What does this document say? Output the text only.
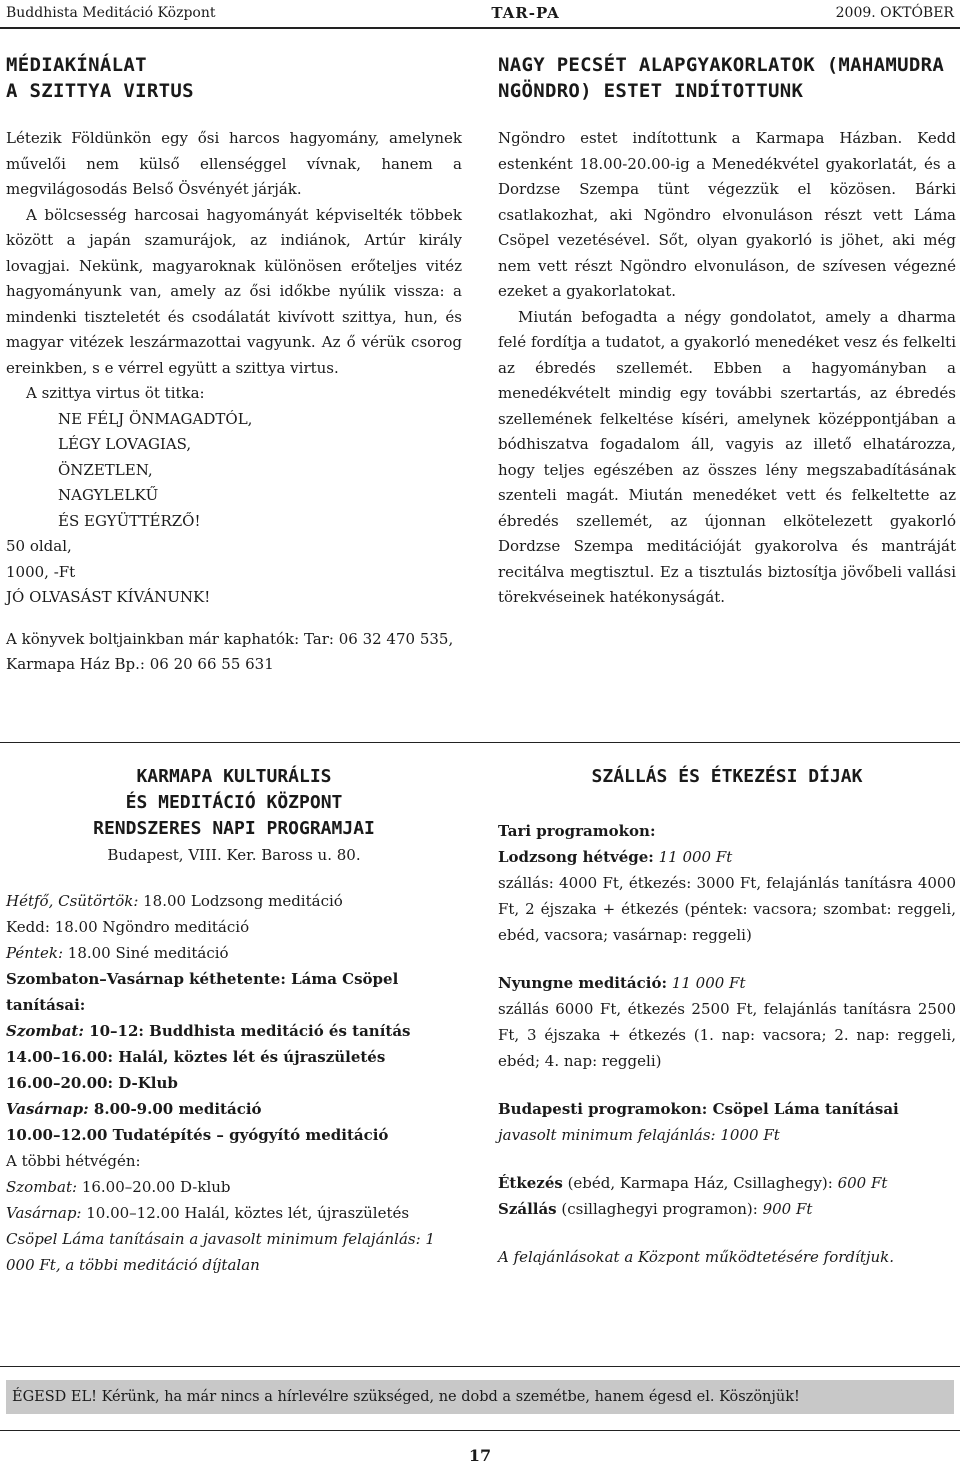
Buddhista Meditáció Központ	TAR-PA	2009. OKTÓBER
MÉDIAKÍNÁLAT
A SZITTYA VIRTUS

Létezik Földünkön egy ősi harcos hagyomány, amelynek művelői nem külső ellenséggel vívnak, hanem a megvilágosodás Belső Ösvényét járják.

A bölcsesség harcosai hagyományát képviselték többek között a japán szamurájok, az indiánok, Artúr király lovagjai. Nekünk, magyaroknak különösen erőteljes vitéz hagyományunk van, amely az ősi időkbe nyúlik vissza: a mindenki tiszteletét és csodálatát kivívott szittya, hun, és magyar vitézek leszármazottai vagyunk. Az ő vérük csorog ereinkben, s e vérrel együtt a szittya virtus.

A szittya virtus öt titka:

NE FÉLJ ÖNMAGADTÓL,
LÉGY LOVAGIAS,
ÖNZETLEN,
NAGYLELKŰ
ÉS EGYÜTTÉRZŐ!

50 oldal,

1000, -Ft

JÓ OLVASÁST KÍVÁNUNK!

A könyvek boltjainkban már kaphatók: Tar: 06 32 470 535, Karmapa Ház Bp.: 06 20 66 55 631

NAGY PECSÉT ALAPGYAKORLATOK (MAHAMUDRA NGÖNDRO) ESTET INDÍTOTTUNK

Ngöndro estet indítottunk a Karmapa Házban. Kedd estenként 18.00-20.00-ig a Menedékvétel gyakorlatát, és a Dordzse Szempa tünt végezzük el közösen. Bárki csatlakozhat, aki Ngöndro elvonuláson részt vett Láma Csöpel vezetésével. Sőt, olyan gyakorló is jöhet, aki még nem vett részt Ngöndro elvonuláson, de szívesen végezné ezeket a gyakorlatokat.

Miután befogadta a négy gondolatot, amely a dharma felé fordítja a tudatot, a gyakorló menedéket vesz és felkelti az ébredés szellemét. Ebben a hagyományban a menedékvételt mindig egy további szertartás, az ébredés szellemének felkeltése kíséri, amelynek középpontjában a bódhiszatva fogadalom áll, vagyis az illető elhatározza, hogy teljes egészében az összes lény megszabadításának szenteli magát. Miután menedéket vett és felkeltette az ébredés szellemét, az újonnan elkötelezett gyakorló Dordzse Szempa meditációját gyakorolva és mantráját recitálva megtisztul. Ez a tisztulás biztosítja jövőbeli vallási törekvéseinek hatékonyságát.

KARMAPA KULTURÁLIS
ÉS MEDITÁCIÓ KÖZPONT
RENDSZERES NAPI PROGRAMJAI

Budapest, VIII. Ker. Baross u. 80.

Hétfő, Csütörtök: 18.00 Lodzsong meditáció

Kedd: 18.00 Ngöndro meditáció

Péntek: 18.00 Siné meditáció

Szombaton–Vasárnap kéthetente: Láma Csöpel tanításai:

Szombat: 10–12: Buddhista meditáció és tanítás

14.00–16.00: Halál, köztes lét és újraszületés

16.00–20.00: D-Klub

Vasárnap: 8.00-9.00 meditáció

10.00–12.00 Tudatépítés – gyógyító meditáció

A többi hétvégén:

Szombat: 16.00–20.00 D-klub

Vasárnap: 10.00–12.00 Halál, köztes lét, újraszületés

Csöpel Láma tanításain a javasolt minimum felajánlás: 1 000 Ft, a többi meditáció díjtalan

SZÁLLÁS ÉS ÉTKEZÉSI DÍJAK

Tari programokon:

Lodzsong hétvége: 11 000 Ft

szállás: 4000 Ft, étkezés: 3000 Ft, felajánlás tanításra 4000 Ft, 2 éjszaka + étkezés (péntek: vacsora; szombat: reggeli, ebéd, vacsora; vasárnap: reggeli)

Nyungne meditáció: 11 000 Ft

szállás 6000 Ft, étkezés 2500 Ft, felajánlás tanításra 2500 Ft, 3 éjszaka + étkezés (1. nap: vacsora; 2. nap: reggeli, ebéd; 4. nap: reggeli)

Budapesti programokon: Csöpel Láma tanításai

javasolt minimum felajánlás: 1000 Ft

Étkezés (ebéd, Karmapa Ház, Csillaghegy): 600 Ft

Szállás (csillaghegyi programon): 900 Ft

A felajánlásokat a Központ működtetésére fordítjuk.

ÉGESD EL! Kérünk, ha már nincs a hírlevélre szükséged, ne dobd a szemétbe, hanem égesd el. Köszönjük!
17
